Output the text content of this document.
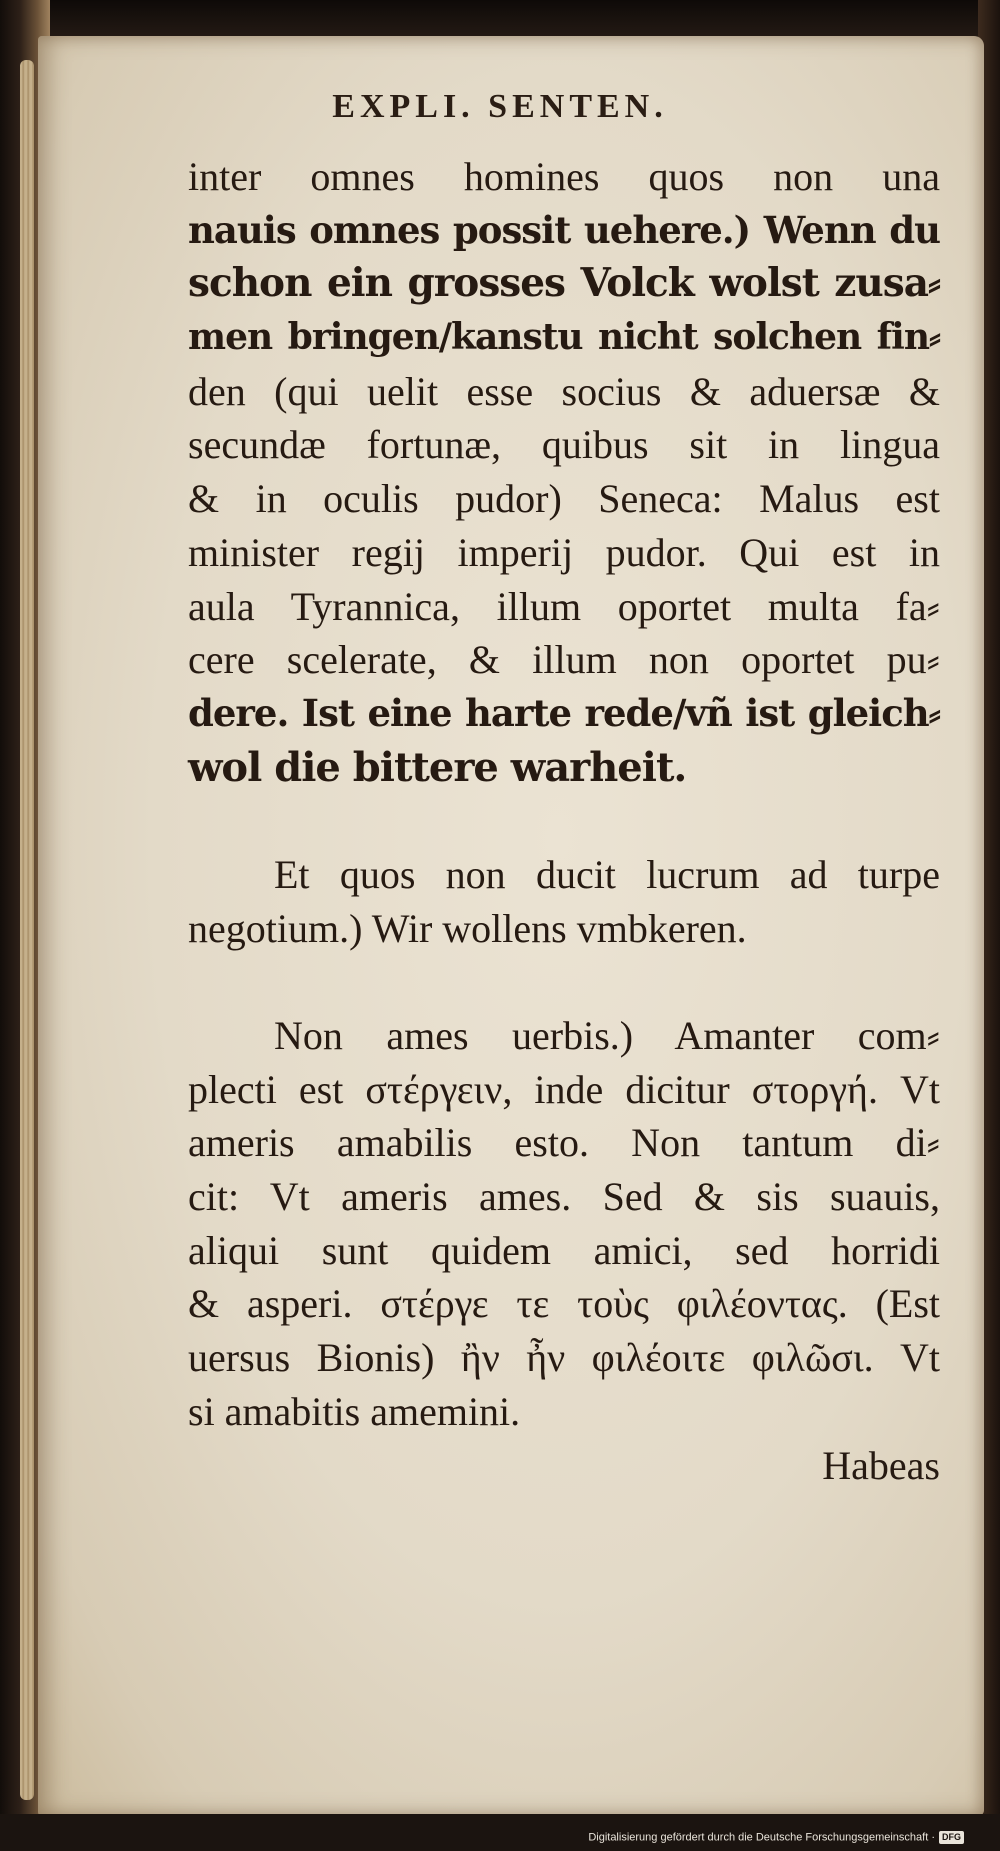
EXPLI. SENTEN.
inter omnes homines quos non una
nauis omnes possit uehere.) Wenn du
schon ein grosses Volck wolst zusa⸗
men bringen/kanstu nicht solchen fin⸗
den (qui uelit esse socius & aduersæ &
secundæ fortunæ, quibus sit in lingua
& in oculis pudor) Seneca: Malus est
minister regij imperij pudor. Qui est in
aula Tyrannica, illum oportet multa fa⸗
cere scelerate, & illum non oportet pu⸗
dere. Ist eine harte rede/vñ ist gleich⸗
wol die bittere warheit.
Et quos non ducit lucrum ad turpe
negotium.) Wir wollens vmbkeren.
Non ames uerbis.) Amanter com⸗
plecti est στέργειν, inde dicitur στοργή. Vt
ameris amabilis esto. Non tantum di⸗
cit: Vt ameris ames. Sed & sis suauis,
aliqui sunt quidem amici, sed horridi
& asperi. στέργε τε τοὺς φιλέοντας. (Est
uersus Bionis) ἢν ἦν φιλέοιτε φιλῶσι. Vt
si amabitis amemini.
Habeas
Digitalisierung gefördert durch die Deutsche Forschungsgemeinschaft · DFG
